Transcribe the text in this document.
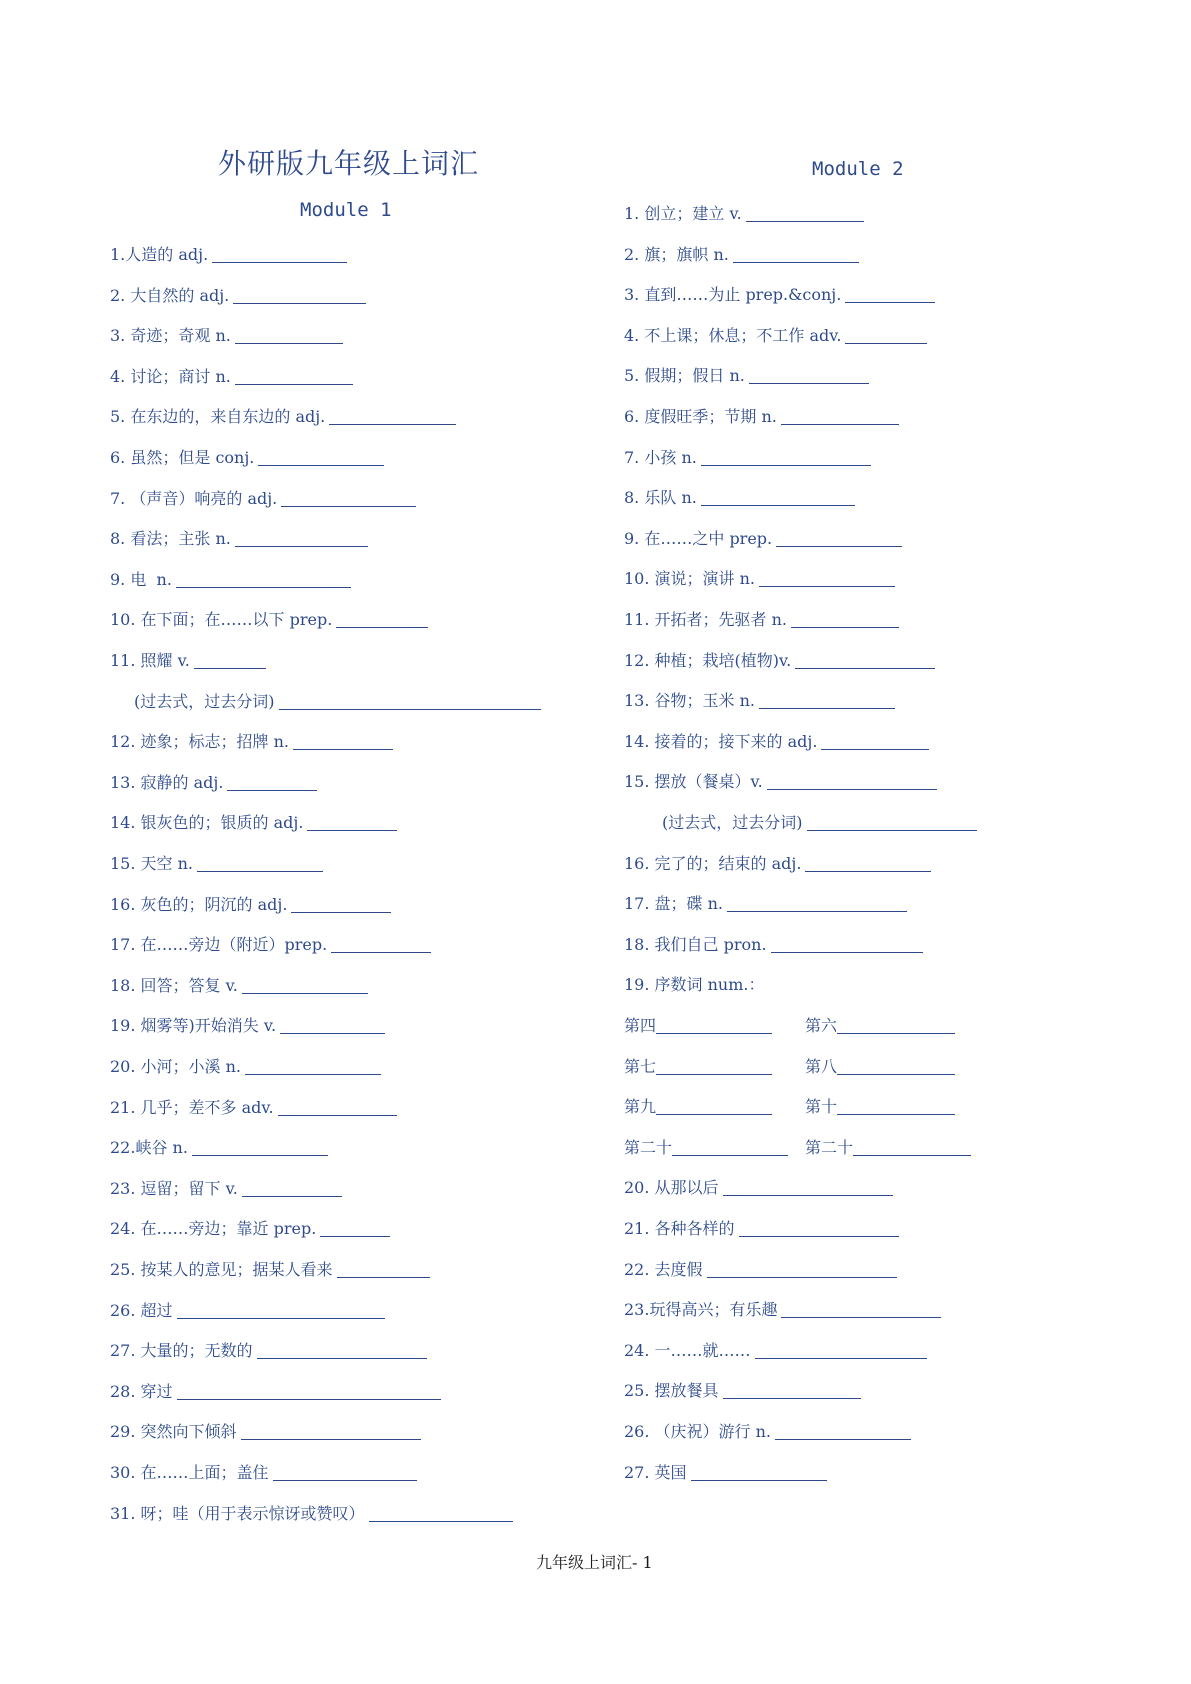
外研版九年级上词汇
Module 1
Module 2
1.人造的 adj.
2. 大自然的 adj.
3. 奇迹；奇观 n.
4. 讨论；商讨 n.
5. 在东边的，来自东边的 adj.
6. 虽然；但是 conj.
7. （声音）响亮的 adj.
8. 看法；主张 n.
9. 电  n.
10. 在下面；在……以下 prep.
11. 照耀 v.
(过去式，过去分词)
12. 迹象；标志；招牌 n.
13. 寂静的 adj.
14. 银灰色的；银质的 adj.
15. 天空 n.
16. 灰色的；阴沉的 adj.
17. 在……旁边（附近）prep.
18. 回答；答复 v.
19. 烟雾等)开始消失 v.
20. 小河；小溪 n.
21. 几乎；差不多 adv.
22.峡谷 n.
23. 逗留；留下 v.
24. 在……旁边；靠近 prep.
25. 按某人的意见；据某人看来
26. 超过
27. 大量的；无数的
28. 穿过
29. 突然向下倾斜
30. 在……上面；盖住
31. 呀；哇（用于表示惊讶或赞叹）
1. 创立；建立 v.
2. 旗；旗帜 n.
3. 直到……为止 prep.&conj.
4. 不上课；休息；不工作 adv.
5. 假期；假日 n.
6. 度假旺季；节期 n.
7. 小孩 n.
8. 乐队 n.
9. 在……之中 prep.
10. 演说；演讲 n.
11. 开拓者；先驱者 n.
12. 种植；栽培(植物)v.
13. 谷物；玉米 n.
14. 接着的；接下来的 adj.
15. 摆放（餐桌）v.
(过去式，过去分词)
16. 完了的；结束的 adj.
17. 盘；碟 n.
18. 我们自己 pron.
19. 序数词 num.：
第四	第六
第七	第八
第九	第十
第二十	第二十
20. 从那以后
21. 各种各样的
22. 去度假
23.玩得高兴；有乐趣
24. 一……就……
25. 摆放餐具
26. （庆祝）游行 n.
27. 英国
九年级上词汇- 1
